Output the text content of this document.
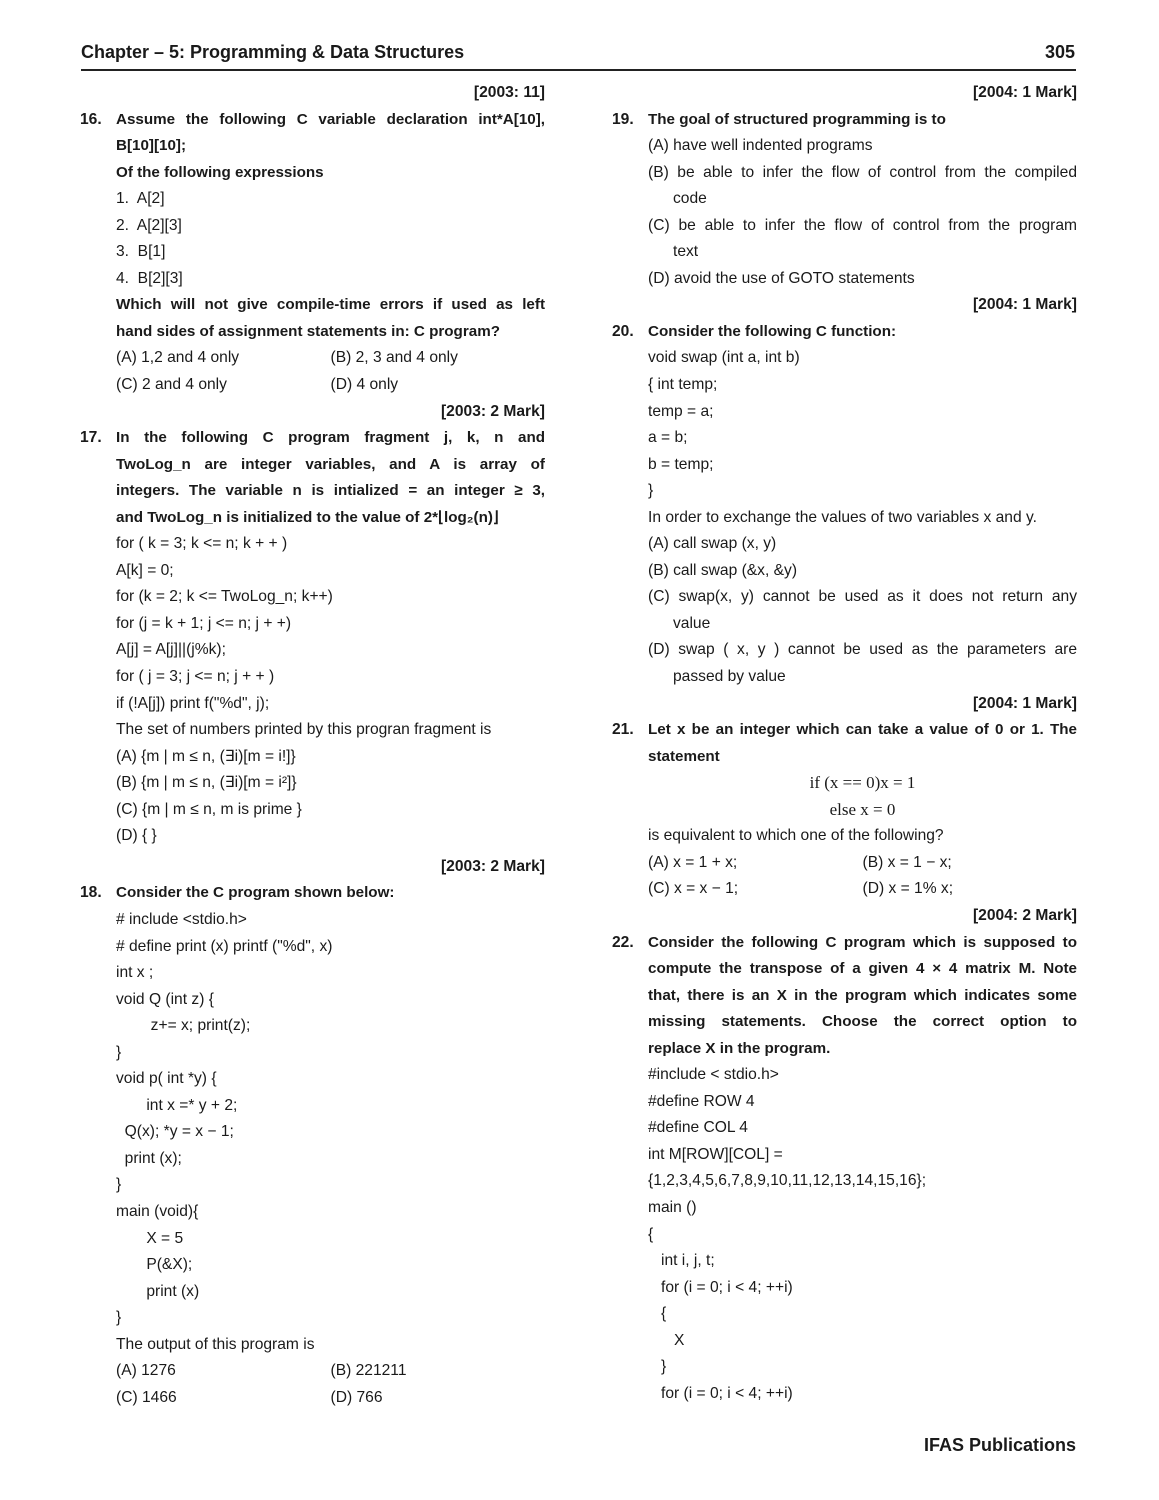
Chapter – 5: Programming & Data Structures	305
[2003: 11]
16. Assume the following C variable declaration int*A[10],
B[10][10];
Of the following expressions
1.  A[2]
2.  A[2][3]
3.  B[1]
4.  B[2][3]
Which will not give compile-time errors if used as left
hand sides of assignment statements in: C program?
(A) 1,2 and 4 only	(B) 2, 3 and 4 only
(C) 2 and 4 only	(D) 4 only
[2003: 2 Mark]
17. In the following C program fragment j, k, n and
TwoLog_n are integer variables, and A is array of
integers. The variable n is intialized = an integer ≥ 3,
and TwoLog_n is initialized to the value of 2*⌊log₂(n)⌋
for ( k = 3; k <= n; k + + )
A[k] = 0;
for (k = 2; k <= TwoLog_n; k++)
for (j = k + 1; j <= n; j + +)
A[j] = A[j]||(j%k);
for ( j = 3; j <= n; j + + )
if (!A[j]) print f("%d", j);
The set of numbers printed by this progran fragment is
(A) {m | m ≤ n, (∃i)[m = i!]}
(B) {m | m ≤ n, (∃i)[m = i²]}
(C) {m | m ≤ n, m is prime }
(D) { }
[2003: 2 Mark]
18. Consider the C program shown below:
# include <stdio.h>
# define print (x) printf ("%d", x)
int x ;
void Q (int z) {
z+= x; print(z);
}
void p( int *y) {
int x =* y + 2;
Q(x); *y = x − 1;
print (x);
}
main (void){
X = 5
P(&X);
print (x)
}
The output of this program is
(A) 1276	(B) 221211
(C) 1466	(D) 766
[2004: 1 Mark]
19. The goal of structured programming is to
(A) have well indented programs
(B) be able to infer the flow of control from the compiled
code
(C) be able to infer the flow of control from the program
text
(D) avoid the use of GOTO statements
[2004: 1 Mark]
20. Consider the following C function:
void swap (int a, int b)
{ int temp;
temp = a;
a = b;
b = temp;
}
In order to exchange the values of two variables x and y.
(A) call swap (x, y)
(B) call swap (&x, &y)
(C) swap(x, y) cannot be used as it does not return any
value
(D) swap ( x, y ) cannot be used as the parameters are
passed by value
[2004: 1 Mark]
21. Let x be an integer which can take a value of 0 or 1. The
statement
if (x == 0)x = 1
else x = 0
is equivalent to which one of the following?
(A) x = 1 + x;	(B) x = 1 − x;
(C) x = x − 1;	(D) x = 1% x;
[2004: 2 Mark]
22. Consider the following C program which is supposed to
compute the transpose of a given 4 × 4 matrix M. Note
that, there is an X in the program which indicates some
missing statements. Choose the correct option to
replace X in the program.
#include < stdio.h>
#define ROW 4
#define COL 4
int M[ROW][COL] =
{1,2,3,4,5,6,7,8,9,10,11,12,13,14,15,16};
main ()
{
int i, j, t;
for (i = 0; i < 4; ++i)
{
X
}
for (i = 0; i < 4; ++i)
IFAS Publications
